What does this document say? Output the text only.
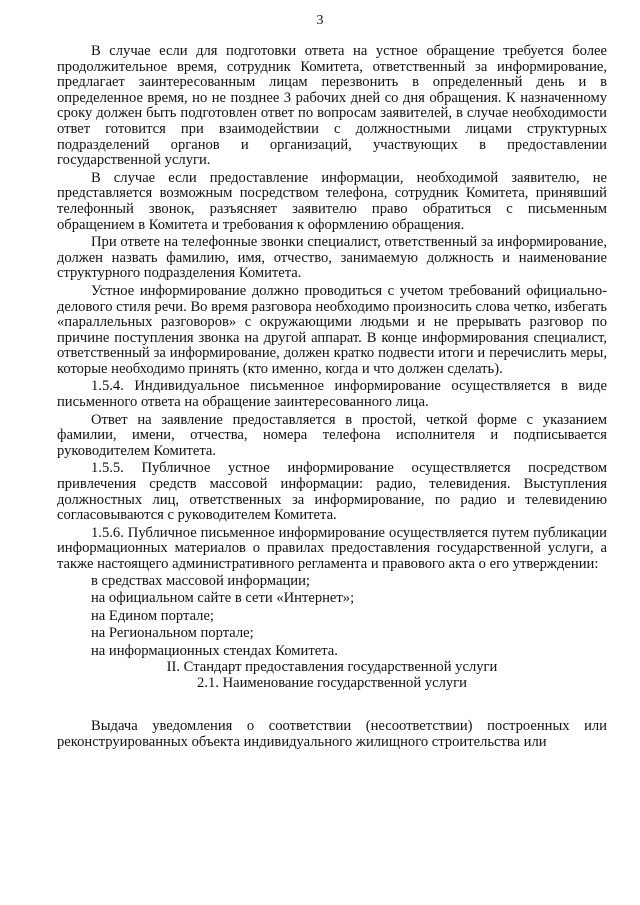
3

В случае если для подготовки ответа на устное обращение требуется более продолжительное время, сотрудник Комитета, ответственный за информирование, предлагает заинтересованным лицам перезвонить в определенный день и в определенное время, но не позднее 3 рабочих дней со дня обращения. К назначенному сроку должен быть подготовлен ответ по вопросам заявителей, в случае необходимости ответ готовится при взаимодействии с должностными лицами структурных подразделений органов и организаций, участвующих в предоставлении государственной услуги.

В случае если предоставление информации, необходимой заявителю, не представляется возможным посредством телефона, сотрудник Комитета, принявший телефонный звонок, разъясняет заявителю право обратиться с письменным обращением в Комитета и требования к оформлению обращения.

При ответе на телефонные звонки специалист, ответственный за информирование, должен назвать фамилию, имя, отчество, занимаемую должность и наименование структурного подразделения Комитета.

Устное информирование должно проводиться с учетом требований официально-делового стиля речи. Во время разговора необходимо произносить слова четко, избегать «параллельных разговоров» с окружающими людьми и не прерывать разговор по причине поступления звонка на другой аппарат. В конце информирования специалист, ответственный за информирование, должен кратко подвести итоги и перечислить меры, которые необходимо принять (кто именно, когда и что должен сделать).

1.5.4. Индивидуальное письменное информирование осуществляется в виде письменного ответа на обращение заинтересованного лица.

Ответ на заявление предоставляется в простой, четкой форме с указанием фамилии, имени, отчества, номера телефона исполнителя и подписывается руководителем Комитета.

1.5.5. Публичное устное информирование осуществляется посредством привлечения средств массовой информации: радио, телевидения. Выступления должностных лиц, ответственных за информирование, по радио и телевидению согласовываются с руководителем Комитета.

1.5.6. Публичное письменное информирование осуществляется путем публикации информационных материалов о правилах предоставления государственной услуги, а также настоящего административного регламента и правового акта о его утверждении:

в средствах массовой информации;
на официальном сайте в сети «Интернет»;
на Едином портале;
на Региональном портале;
на информационных стендах Комитета.

II. Стандарт предоставления государственной услуги

2.1. Наименование государственной услуги

Выдача уведомления о соответствии (несоответствии) построенных или реконструированных объекта индивидуального жилищного строительства или
